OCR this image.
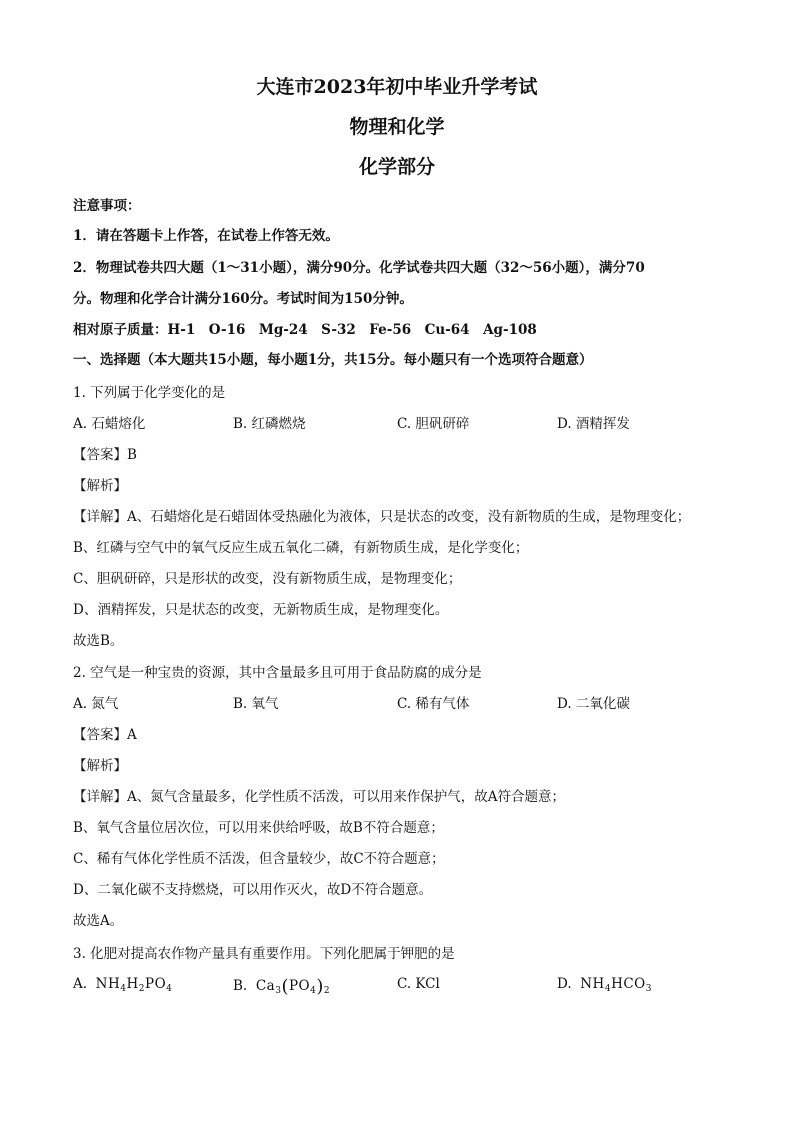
大连市2023年初中毕业升学考试
物理和化学
化学部分
注意事项：
1．请在答题卡上作答，在试卷上作答无效。
2．物理试卷共四大题（1～31小题），满分90分。化学试卷共四大题（32～56小题），满分70
分。物理和化学合计满分160分。考试时间为150分钟。
相对原子质量：H-1　O-16　Mg-24　S-32　Fe-56　Cu-64　Ag-108
一、选择题（本大题共15小题，每小题1分，共15分。每小题只有一个选项符合题意）
1. 下列属于化学变化的是
A. 石蜡熔化	B. 红磷燃烧	C. 胆矾研碎	D. 酒精挥发
【答案】B
【解析】
【详解】A、石蜡熔化是石蜡固体受热融化为液体，只是状态的改变，没有新物质的生成，是物理变化；
B、红磷与空气中的氧气反应生成五氧化二磷，有新物质生成，是化学变化；
C、胆矾研碎，只是形状的改变，没有新物质生成，是物理变化；
D、酒精挥发，只是状态的改变，无新物质生成，是物理变化。
故选B。
2. 空气是一种宝贵的资源，其中含量最多且可用于食品防腐的成分是
A. 氮气	B. 氧气	C. 稀有气体	D. 二氧化碳
【答案】A
【解析】
【详解】A、氮气含量最多，化学性质不活泼，可以用来作保护气，故A符合题意；
B、氧气含量位居次位，可以用来供给呼吸，故B不符合题意；
C、稀有气体化学性质不活泼，但含量较少，故C不符合题意；
D、二氧化碳不支持燃烧，可以用作灭火，故D不符合题意。
故选A。
3. 化肥对提高农作物产量具有重要作用。下列化肥属于钾肥的是
A. $NH_4H_2PO_4$	B. $Ca_3(PO_4)_2$	C. KCl	D. $NH_4HCO_3$
